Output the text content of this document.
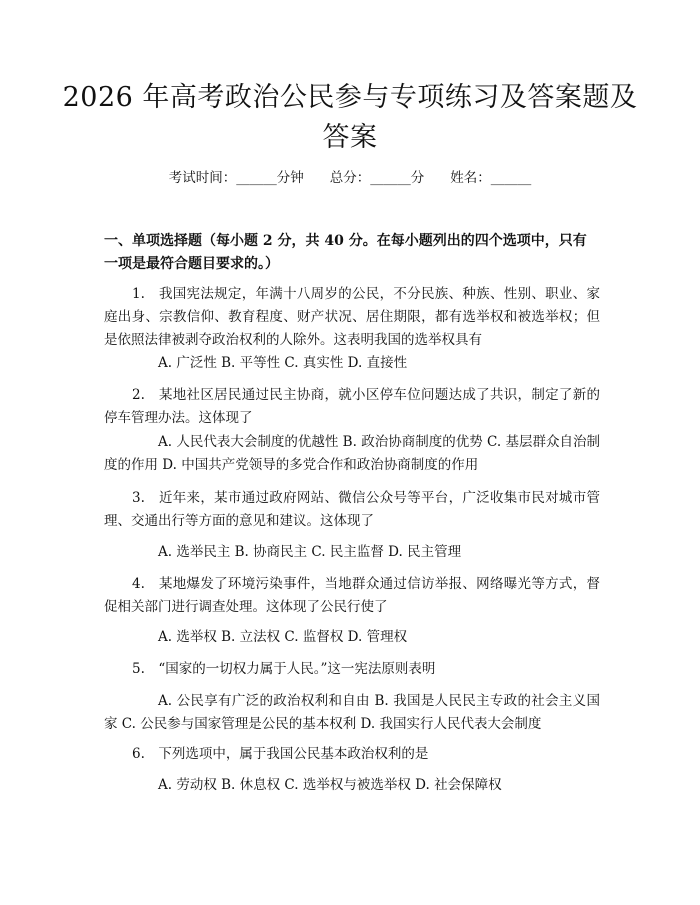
2026 年高考政治公民参与专项练习及答案题及答案
考试时间：______分钟 总分：______分 姓名：______

一、单项选择题（每小题 2 分，共 40 分。在每小题列出的四个选项中，只有一项是最符合题目要求的。）

1.　我国宪法规定，年满十八周岁的公民，不分民族、种族、性别、职业、家庭出身、宗教信仰、教育程度、财产状况、居住期限，都有选举权和被选举权；但是依照法律被剥夺政治权利的人除外。这表明我国的选举权具有

A. 广泛性 B. 平等性 C. 真实性 D. 直接性

2.　某地社区居民通过民主协商，就小区停车位问题达成了共识，制定了新的停车管理办法。这体现了

A. 人民代表大会制度的优越性 B. 政治协商制度的优势 C. 基层群众自治制度的作用 D. 中国共产党领导的多党合作和政治协商制度的作用

3.　近年来，某市通过政府网站、微信公众号等平台，广泛收集市民对城市管理、交通出行等方面的意见和建议。这体现了

A. 选举民主 B. 协商民主 C. 民主监督 D. 民主管理

4.　某地爆发了环境污染事件，当地群众通过信访举报、网络曝光等方式，督促相关部门进行调查处理。这体现了公民行使了

A. 选举权 B. 立法权 C. 监督权 D. 管理权

5.　“国家的一切权力属于人民。”这一宪法原则表明

A. 公民享有广泛的政治权利和自由 B. 我国是人民民主专政的社会主义国家 C. 公民参与国家管理是公民的基本权利 D. 我国实行人民代表大会制度

6.　下列选项中，属于我国公民基本政治权利的是

A. 劳动权 B. 休息权 C. 选举权与被选举权 D. 社会保障权
